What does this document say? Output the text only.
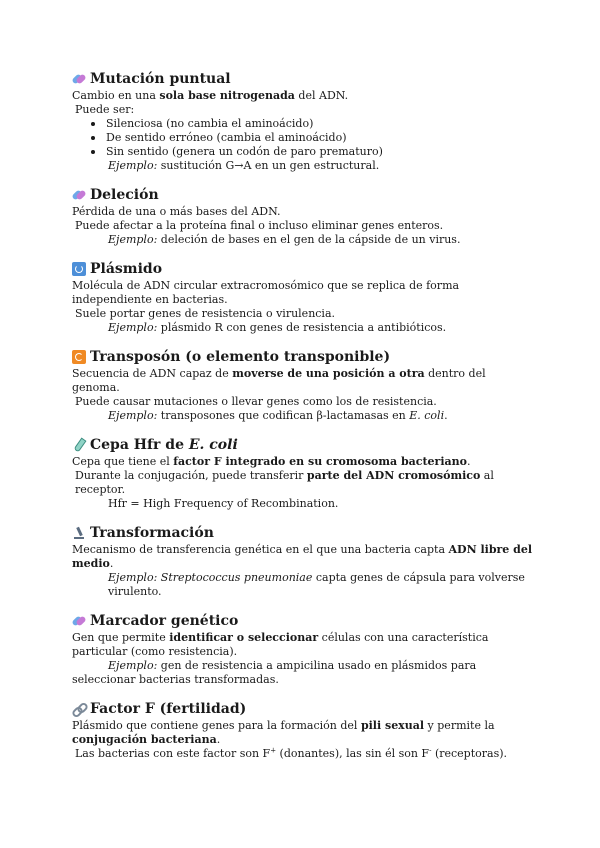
Mutación puntual
Cambio en una sola base nitrogenada del ADN.
Puede ser:
Silenciosa (no cambia el aminoácido)
De sentido erróneo (cambia el aminoácido)
Sin sentido (genera un codón de paro prematuro)
Ejemplo: sustitución G→A en un gen estructural.
Deleción
Pérdida de una o más bases del ADN.
Puede afectar a la proteína final o incluso eliminar genes enteros.
Ejemplo: deleción de bases en el gen de la cápside de un virus.
Plásmido
Molécula de ADN circular extracromosómico que se replica de forma independiente en bacterias.
Suele portar genes de resistencia o virulencia.
Ejemplo: plásmido R con genes de resistencia a antibióticos.
Transposón (o elemento transponible)
Secuencia de ADN capaz de moverse de una posición a otra dentro del genoma.
Puede causar mutaciones o llevar genes como los de resistencia.
Ejemplo: transposones que codifican β-lactamasas en E. coli.
Cepa Hfr de E. coli
Cepa que tiene el factor F integrado en su cromosoma bacteriano.
Durante la conjugación, puede transferir parte del ADN cromosómico al receptor.
Hfr = High Frequency of Recombination.
Transformación
Mecanismo de transferencia genética en el que una bacteria capta ADN libre del medio.
Ejemplo: Streptococcus pneumoniae capta genes de cápsula para volverse virulento.
Marcador genético
Gen que permite identificar o seleccionar células con una característica particular (como resistencia).
Ejemplo: gen de resistencia a ampicilina usado en plásmidos para seleccionar bacterias transformadas.
Factor F (fertilidad)
Plásmido que contiene genes para la formación del pili sexual y permite la conjugación bacteriana.
Las bacterias con este factor son F+ (donantes), las sin él son F- (receptoras).
